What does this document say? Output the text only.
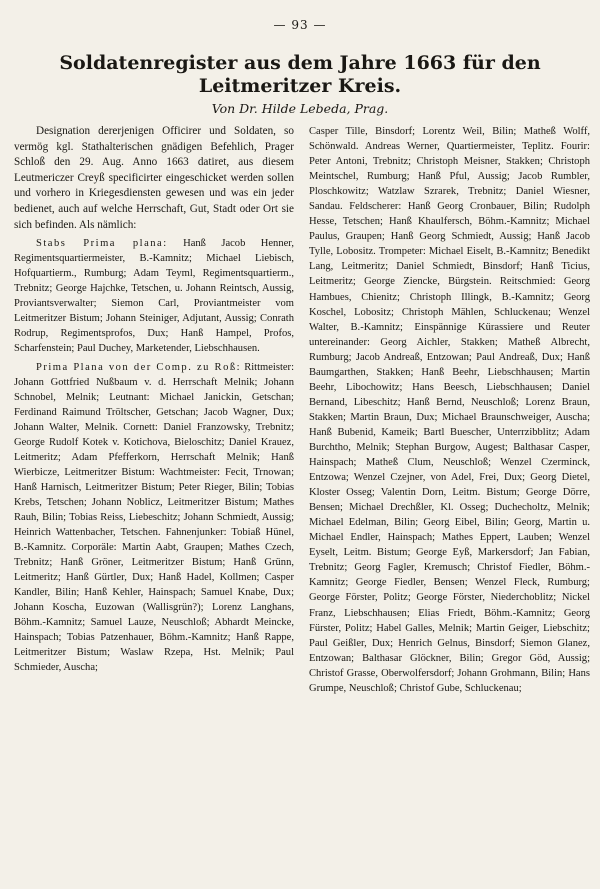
— 93 —
Soldatenregister aus dem Jahre 1663 für den
Leitmeritzer Kreis.
Von Dr. Hilde Lebeda, Prag.

Designation dererjenigen Officirer und Soldaten, so vermög kgl. Stathalterischen gnädigen Befehlich, Prager Schloß den 29. Aug. Anno 1663 datiret, aus diesem Leutmericzer Creyß specificirter eingeschicket werden sollen und vorhero in Kriegesdiensten gewesen und was ein jeder bedienet, auch auf welche Herrschaft, Gut, Stadt oder Ort sie sich befinden. Als nämlich:

Stabs Prima plana: Hanß Jacob Henner, Regimentsquartiermeister, B.-Kamnitz; Michael Liebisch, Hofquartierm., Rumburg; Adam Teyml, Regimentsquartierm., Trebnitz; George Hajchke, Tetschen, u. Johann Reintsch, Aussig, Proviantsverwalter; Siemon Carl, Proviantmeister vom Leitmeritzer Bistum; Johann Steiniger, Adjutant, Aussig; Conrath Rodrup, Regimentsprofos, Dux; Hanß Hampel, Profos, Scharfenstein; Paul Duchey, Marketender, Liebschhausen.

Prima Plana von der Comp. zu Roß: Rittmeister: Johann Gottfried Nußbaum v. d. Herrschaft Melnik; Johann Schnobel, Melnik; Leutnant: Michael Janickin, Getschan; Ferdinand Raimund Tröltscher, Getschan; Jacob Wagner, Dux; Johann Walter, Melnik. Cornett: Daniel Franzowsky, Trebnitz; George Rudolf Kotek v. Kotichova, Bieloschitz; Daniel Krauez, Leitmeritz; Adam Pfefferkorn, Herrschaft Melnik; Hanß Wierbicze, Leitmeritzer Bistum: Wachtmeister: Fecit, Trnowan; Hanß Harnisch, Leitmeritzer Bistum; Peter Rieger, Bilin; Tobias Krebs, Tetschen; Johann Noblicz, Leitmeritzer Bistum; Mathes Rauh, Bilin; Tobias Reiss, Liebeschitz; Johann Schmiedt, Aussig; Heinrich Wattenbacher, Tetschen. Fahnenjunker: Tobiaß Hünel, B.-Kamnitz. Corporäle: Martin Aabt, Graupen; Mathes Czech, Trebnitz; Hanß Gröner, Leitmeritzer Bistum; Hanß Grünn, Leitmeritz; Hanß Gürtler, Dux; Hanß Hadel, Kollmen; Casper Kandler, Bilin; Hanß Kehler, Hainspach; Samuel Knabe, Dux; Johann Koscha, Euzowan (Wallisgrün?); Lorenz Langhans, Böhm.-Kamnitz; Samuel Lauze, Neuschloß; Abhardt Meincke, Hainspach; Tobias Patzenhauer, Böhm.-Kamnitz; Hanß Rappe, Leitmeritzer Bistum; Waslaw Rzepa, Hst. Melnik; Paul Schmieder, Auscha;

Casper Tille, Binsdorf; Lorentz Weil, Bilin; Matheß Wolff, Schönwald. Andreas Werner, Quartiermeister, Teplitz. Fourir: Peter Antoni, Trebnitz; Christoph Meisner, Stakken; Christoph Meintschel, Rumburg; Hanß Pful, Aussig; Jacob Rumbler, Ploschkowitz; Watzlaw Szrarek, Trebnitz; Daniel Wiesner, Sandau. Feldscherer: Hanß Georg Cronbauer, Bilin; Rudolph Hesse, Tetschen; Hanß Khaulfersch, Böhm.-Kamnitz; Michael Paulus, Graupen; Hanß Georg Schmiedt, Aussig; Hanß Jacob Tylle, Lobositz. Trompeter: Michael Eiselt, B.-Kamnitz; Benedikt Lang, Leitmeritz; Daniel Schmiedt, Binsdorf; Hanß Ticius, Leitmeritz; George Ziencke, Bürgstein. Reitschmied: Georg Hambues, Chienitz; Christoph Illingk, B.-Kamnitz; Georg Koschel, Lobositz; Christoph Mählen, Schluckenau; Wenzel Walter, B.-Kamnitz; Einspännige Kürassiere und Reuter untereinander: Georg Aichler, Stakken; Matheß Albrecht, Rumburg; Jacob Andreaß, Entzowan; Paul Andreaß, Dux; Hanß Baumgarthen, Stakken; Hanß Beehr, Liebschhausen; Martin Beehr, Libochowitz; Hans Beesch, Liebschhausen; Daniel Bernand, Libeschitz; Hanß Bernd, Neuschloß; Lorenz Braun, Stakken; Martin Braun, Dux; Michael Braunschweiger, Auscha; Hanß Bubenid, Kameik; Bartl Buescher, Unterrzibblitz; Adam Burchtho, Melnik; Stephan Burgow, Augest; Balthasar Casper, Hainspach; Matheß Clum, Neuschloß; Wenzel Czerminck, Entzowa; Wenzel Czejner, von Adel, Frei, Dux; Georg Dietel, Kloster Osseg; Valentin Dorn, Leitm. Bistum; George Dörre, Bensen; Michael Drechßler, Kl. Osseg; Duchecholtz, Melnik; Michael Edelman, Bilin; Georg Eibel, Bilin; Georg, Martin u. Michael Endler, Hainspach; Mathes Eppert, Lauben; Wenzel Eyselt, Leitm. Bistum; George Eyß, Markersdorf; Jan Fabian, Trebnitz; Georg Fagler, Kremusch; Christof Fiedler, Böhm.-Kamnitz; George Fiedler, Bensen; Wenzel Fleck, Rumburg; George Förster, Politz; George Förster, Niederchoblitz; Nickel Franz, Liebschhausen; Elias Friedt, Böhm.-Kamnitz; Georg Fürster, Politz; Habel Galles, Melnik; Martin Geiger, Liebschitz; Paul Geißler, Dux; Henrich Gelnus, Binsdorf; Siemon Glanez, Entzowan; Balthasar Glöckner, Bilin; Gregor Göd, Aussig; Christof Grasse, Oberwolfersdorf; Johann Grohmann, Bilin; Hans Grumpe, Neuschloß; Christof Gube, Schluckenau;
